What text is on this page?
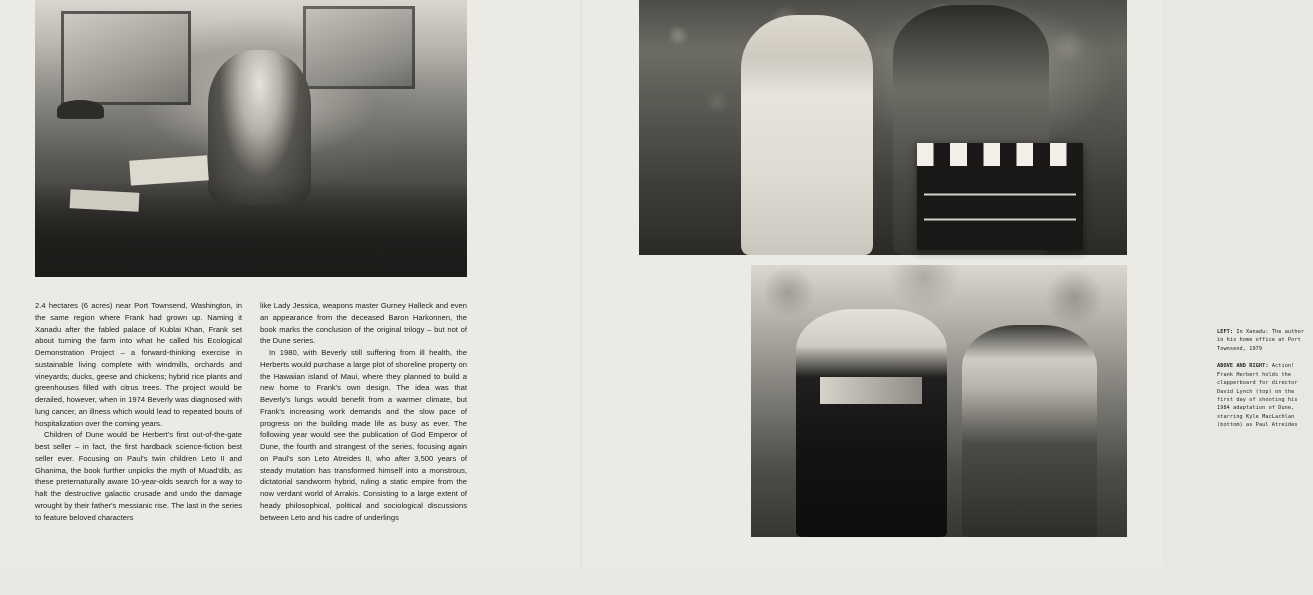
2.4 hectares (6 acres) near Port Townsend, Washington, in the same region where Frank had grown up. Naming it Xanadu after the fabled palace of Kublai Khan, Frank set about turning the farm into what he called his Ecological Demonstration Project – a forward-thinking exercise in sustainable living complete with windmills, orchards and vineyards; ducks, geese and chickens; hybrid rice plants and greenhouses filled with citrus trees. The project would be derailed, however, when in 1974 Beverly was diagnosed with lung cancer, an illness which would lead to repeated bouts of hospitalization over the coming years.

Children of Dune would be Herbert's first out-of-the-gate best seller – in fact, the first hardback science-fiction best seller ever. Focusing on Paul's twin children Leto II and Ghanima, the book further unpicks the myth of Muad'dib, as these preternaturally aware 10-year-olds search for a way to halt the destructive galactic crusade and undo the damage wrought by their father's messianic rise. The last in the series to feature beloved characters

like Lady Jessica, weapons master Gurney Halleck and even an appearance from the deceased Baron Harkonnen, the book marks the conclusion of the original trilogy – but not of the Dune series.

In 1980, with Beverly still suffering from ill health, the Herberts would purchase a large plot of shoreline property on the Hawaiian island of Maui, where they planned to build a new home to Frank's own design. The idea was that Beverly's lungs would benefit from a warmer climate, but Frank's increasing work demands and the slow pace of progress on the building made life as busy as ever. The following year would see the publication of God Emperor of Dune, the fourth and strangest of the series, focusing again on Paul's son Leto Atreides II, who after 3,500 years of steady mutation has transformed himself into a monstrous, dictatorial sandworm hybrid, ruling a static empire from the now verdant world of Arrakis. Consisting to a large extent of heady philosophical, political and sociological discussions between Leto and his cadre of underlings

LEFT: In Xanadu: The author in his home office at Port Townsend, 1979

ABOVE AND RIGHT: Action! Frank Herbert holds the clapperboard for director David Lynch (top) on the first day of shooting his 1984 adaptation of Dune, starring Kyle MacLachlan (bottom) as Paul Atreides
